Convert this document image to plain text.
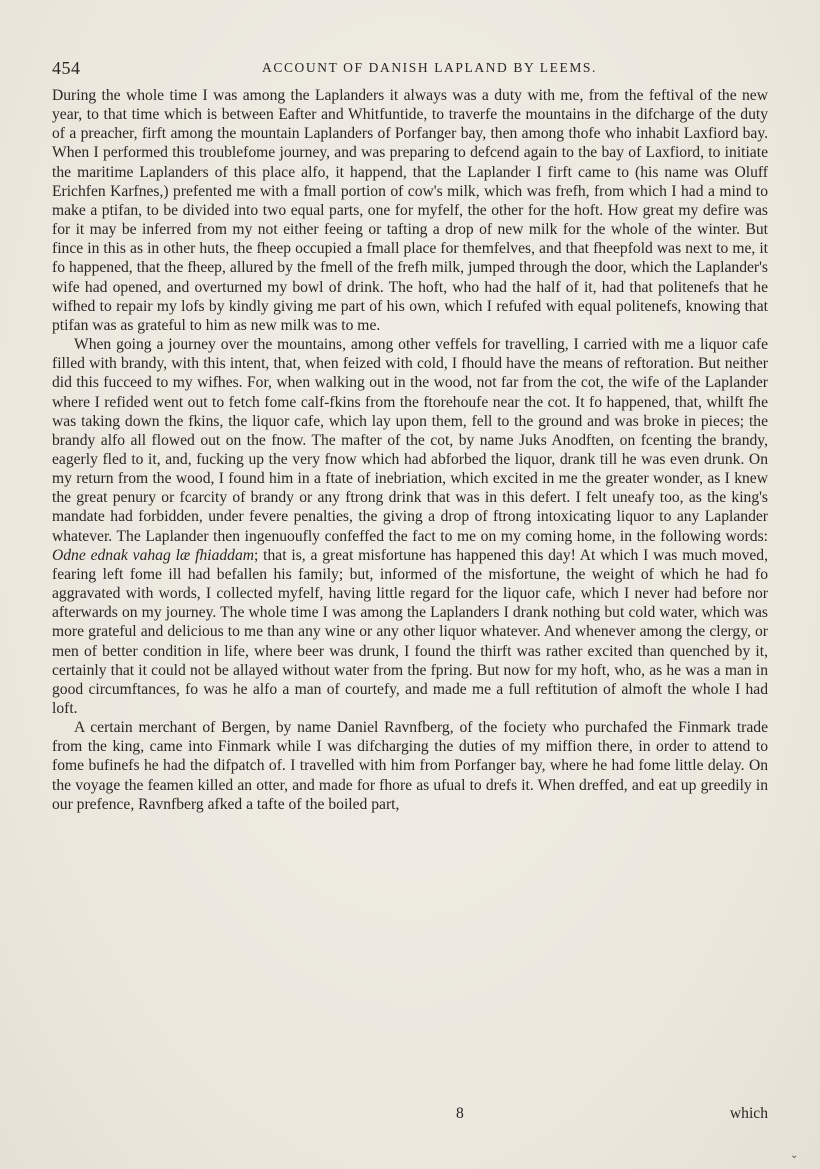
454	ACCOUNT OF DANISH LAPLAND BY LEEMS.

During the whole time I was among the Laplanders it always was a duty with me, from the feftival of the new year, to that time which is between Eafter and Whitfuntide, to traverfe the mountains in the difcharge of the duty of a preacher, firft among the mountain Laplanders of Porfanger bay, then among thofe who inhabit Laxfiord bay. When I performed this troublefome journey, and was preparing to defcend again to the bay of Laxfiord, to initiate the maritime Laplanders of this place alfo, it happend, that the Laplander I firft came to (his name was Oluff Erichfen Karfnes,) prefented me with a fmall portion of cow's milk, which was frefh, from which I had a mind to make a ptifan, to be divided into two equal parts, one for myfelf, the other for the hoft. How great my defire was for it may be inferred from my not either feeing or tafting a drop of new milk for the whole of the winter. But fince in this as in other huts, the fheep occupied a fmall place for themfelves, and that fheepfold was next to me, it fo happened, that the fheep, allured by the fmell of the frefh milk, jumped through the door, which the Laplander's wife had opened, and overturned my bowl of drink. The hoft, who had the half of it, had that politenefs that he wifhed to repair my lofs by kindly giving me part of his own, which I refufed with equal politenefs, knowing that ptifan was as grateful to him as new milk was to me.

When going a journey over the mountains, among other veffels for travelling, I carried with me a liquor cafe filled with brandy, with this intent, that, when feized with cold, I fhould have the means of reftoration. But neither did this fucceed to my wifhes. For, when walking out in the wood, not far from the cot, the wife of the Laplander where I refided went out to fetch fome calf-fkins from the ftorehoufe near the cot. It fo happened, that, whilft fhe was taking down the fkins, the liquor cafe, which lay upon them, fell to the ground and was broke in pieces; the brandy alfo all flowed out on the fnow. The mafter of the cot, by name Juks Anodften, on fcenting the brandy, eagerly fled to it, and, fucking up the very fnow which had abforbed the liquor, drank till he was even drunk. On my return from the wood, I found him in a ftate of inebriation, which excited in me the greater wonder, as I knew the great penury or fcarcity of brandy or any ftrong drink that was in this defert. I felt uneafy too, as the king's mandate had forbidden, under fevere penalties, the giving a drop of ftrong intoxicating liquor to any Laplander whatever. The Laplander then ingenuoufly confeffed the fact to me on my coming home, in the following words: Odne ednak vahag læ fhiaddam; that is, a great misfortune has happened this day! At which I was much moved, fearing left fome ill had befallen his family; but, informed of the misfortune, the weight of which he had fo aggravated with words, I collected myfelf, having little regard for the liquor cafe, which I never had before nor afterwards on my journey. The whole time I was among the Laplanders I drank nothing but cold water, which was more grateful and delicious to me than any wine or any other liquor whatever. And whenever among the clergy, or men of better condition in life, where beer was drunk, I found the thirft was rather excited than quenched by it, certainly that it could not be allayed without water from the fpring. But now for my hoft, who, as he was a man in good circumftances, fo was he alfo a man of courtefy, and made me a full reftitution of almoft the whole I had loft.

A certain merchant of Bergen, by name Daniel Ravnfberg, of the fociety who purchafed the Finmark trade from the king, came into Finmark while I was difcharging the duties of my miffion there, in order to attend to fome bufinefs he had the difpatch of. I travelled with him from Porfanger bay, where he had fome little delay. On the voyage the feamen killed an otter, and made for fhore as ufual to drefs it. When dreffed, and eat up greedily in our prefence, Ravnfberg afked a tafte of the boiled part,

8	which
⌄
